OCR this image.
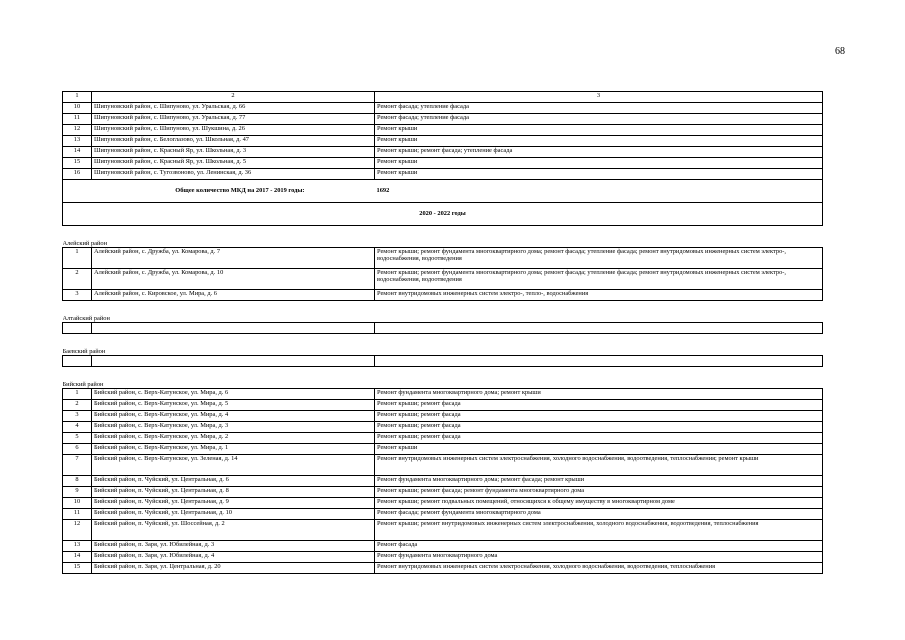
68
1	2	3
10	Шипуновский район, с. Шипуново, ул. Уральская, д. 66	Ремонт фасада; утепление фасада
11	Шипуновский район, с. Шипуново, ул. Уральская, д. 77	Ремонт фасада; утепление фасада
12	Шипуновский район, с. Шипуново, ул. Шукшина, д. 26	Ремонт крыши
13	Шипуновский район, с. Белоглазово, ул. Школьная, д. 47	Ремонт крыши
14	Шипуновский район, с. Красный Яр, ул. Школьная, д. 3	Ремонт крыши; ремонт фасада; утепление фасада
15	Шипуновский район, с. Красный Яр, ул. Школьная, д. 5	Ремонт крыши
16	Шипуновский район, с. Тугозвоново, ул. Ленинская, д. 36	Ремонт крыши
	Общее количество МКД на 2017 - 2019 годы:	1692
2020 - 2022 годы		
Алейский район		
1	Алейский район, с. Дружба, ул. Комарова, д. 7	Ремонт крыши; ремонт фундамента многоквартирного дома; ремонт фасада; утепление фасада; ремонт внутридомовых инженерных систем электро-, водоснабжения, водоотведения
2	Алейский район, с. Дружба, ул. Комарова, д. 10	Ремонт крыши; ремонт фундамента многоквартирного дома; ремонт фасада; утепление фасада; ремонт внутридомовых инженерных систем электро-, водоснабжения, водоотведения
3	Алейский район, с. Кировское, ул. Мира, д. 6	Ремонт внутридомовых инженерных систем электро-, тепло-, водоснабжения
Алтайский район		

Баевский район		

Бийский район		
1	Бийский район, с. Верх-Катунское, ул. Мира, д. 6	Ремонт фундамента многоквартирного дома; ремонт крыши
2	Бийский район, с. Верх-Катунское, ул. Мира, д. 5	Ремонт крыши; ремонт фасада
3	Бийский район, с. Верх-Катунское, ул. Мира, д. 4	Ремонт крыши; ремонт фасада
4	Бийский район, с. Верх-Катунское, ул. Мира, д. 3	Ремонт крыши; ремонт фасада
5	Бийский район, с. Верх-Катунское, ул. Мира, д. 2	Ремонт крыши; ремонт фасада
6	Бийский район, с. Верх-Катунское, ул. Мира, д. 1	Ремонт крыши
7	Бийский район, с. Верх-Катунское, ул. Зеленая, д. 14	Ремонт внутридомовых инженерных систем электроснабжения, холодного водоснабжения, водоотведения, теплоснабжения; ремонт крыши
8	Бийский район, п. Чуйский, ул. Центральная, д. 6	Ремонт фундамента многоквартирного дома; ремонт фасада; ремонт крыши
9	Бийский район, п. Чуйский, ул. Центральная, д. 8	Ремонт крыши; ремонт фасада; ремонт фундамента многоквартирного дома
10	Бийский район, п. Чуйский, ул. Центральная, д. 9	Ремонт крыши; ремонт подвальных помещений, относящихся к общему имуществу в многоквартирном доме
11	Бийский район, п. Чуйский, ул. Центральная, д. 10	Ремонт фасада; ремонт фундамента многоквартирного дома
12	Бийский район, п. Чуйский, ул. Шоссейная, д. 2	Ремонт крыши; ремонт внутридомовых инженерных систем электроснабжения, холодного водоснабжения, водоотведения, теплоснабжения
13	Бийский район, п. Заря, ул. Юбилейная, д. 3	Ремонт фасада
14	Бийский район, п. Заря, ул. Юбилейная, д. 4	Ремонт фундамента многоквартирного дома
15	Бийский район, п. Заря, ул. Центральная, д. 20	Ремонт внутридомовых инженерных систем электроснабжения, холодного водоснабжения, водоотведения, теплоснабжения
